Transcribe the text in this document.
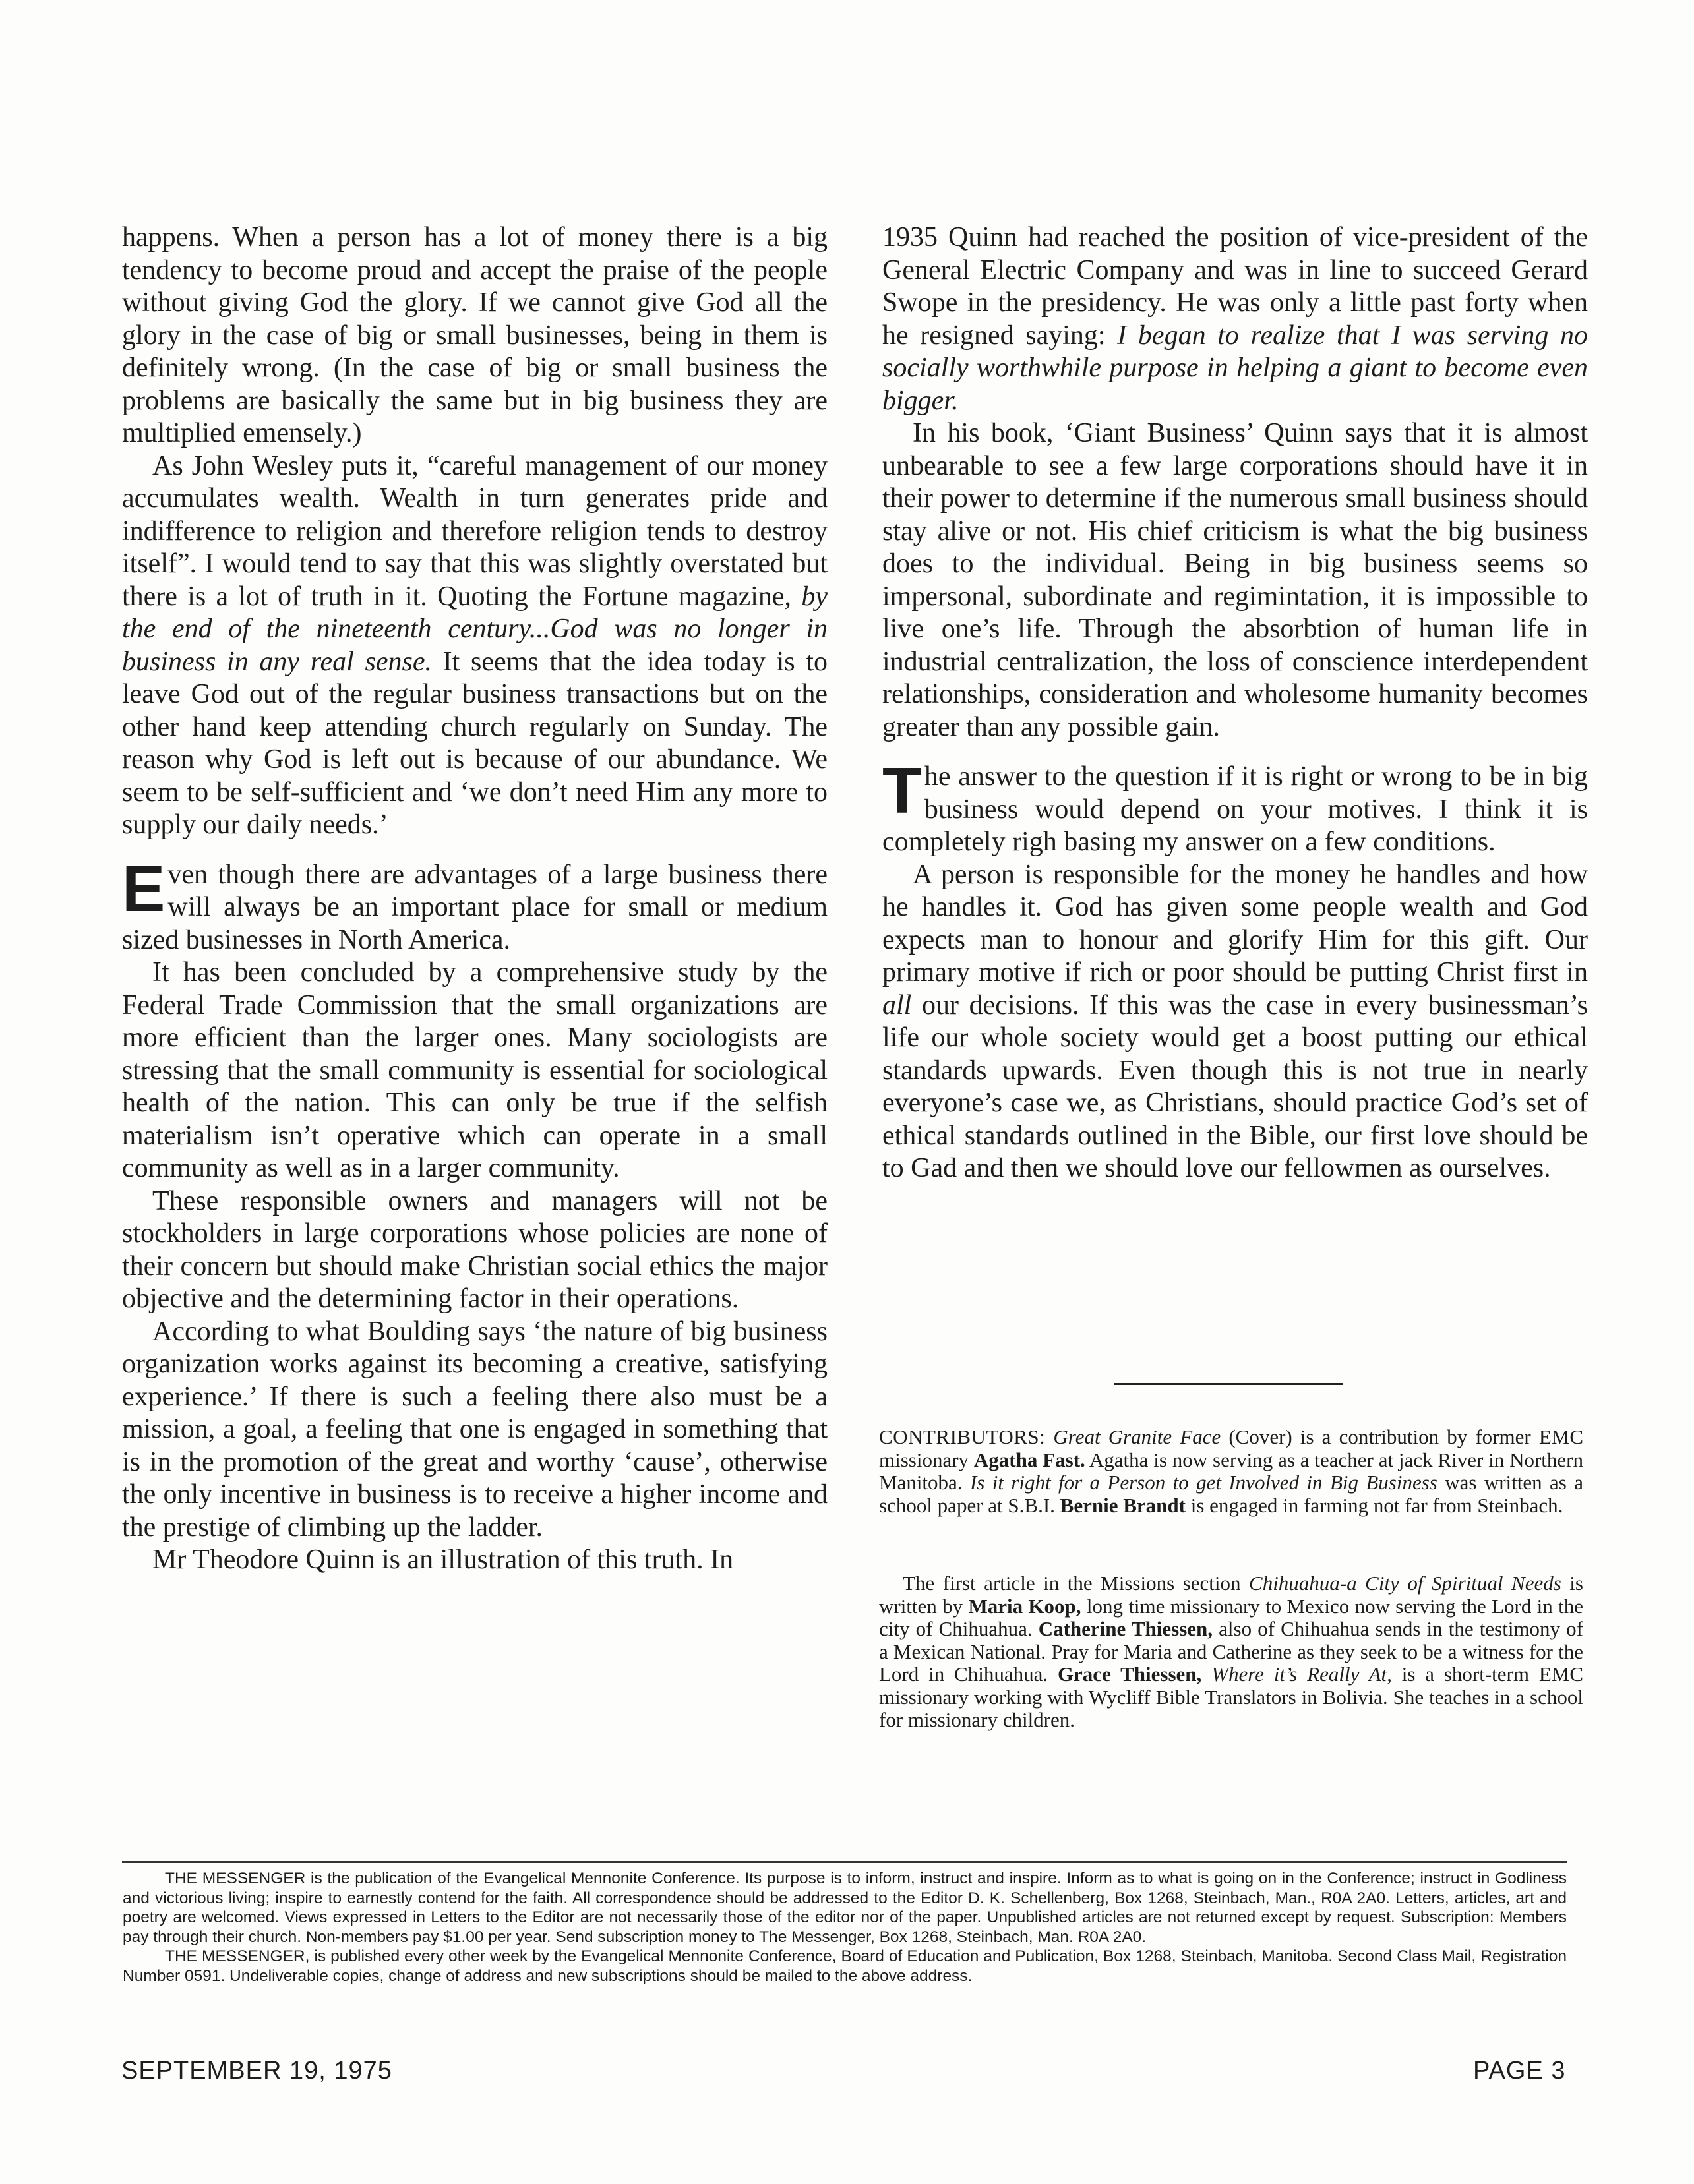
happens. When a person has a lot of money there is a big tendency to become proud and accept the praise of the people without giving God the glory. If we cannot give God all the glory in the case of big or small businesses, being in them is definitely wrong. (In the case of big or small business the problems are basically the same but in big business they are multiplied emensely.)

As John Wesley puts it, “careful management of our money accumulates wealth. Wealth in turn generates pride and indifference to religion and therefore religion tends to destroy itself”. I would tend to say that this was slightly overstated but there is a lot of truth in it. Quoting the Fortune magazine, by the end of the nineteenth century...God was no longer in business in any real sense. It seems that the idea today is to leave God out of the regular business transactions but on the other hand keep attending church regularly on Sunday. The reason why God is left out is because of our abundance. We seem to be self-sufficient and ‘we don’t need Him any more to supply our daily needs.’

Even though there are advantages of a large business there will always be an important place for small or medium sized businesses in North America.

It has been concluded by a comprehensive study by the Federal Trade Commission that the small organizations are more efficient than the larger ones. Many sociologists are stressing that the small community is essential for sociological health of the nation. This can only be true if the selfish materialism isn’t operative which can operate in a small community as well as in a larger community.

These responsible owners and managers will not be stockholders in large corporations whose policies are none of their concern but should make Christian social ethics the major objective and the determining factor in their operations.

According to what Boulding says ‘the nature of big business organization works against its becoming a creative, satisfying experience.’ If there is such a feeling there also must be a mission, a goal, a feeling that one is engaged in something that is in the promotion of the great and worthy ‘cause’, otherwise the only incentive in business is to receive a higher income and the prestige of climbing up the ladder.

Mr Theodore Quinn is an illustration of this truth. In

1935 Quinn had reached the position of vice-president of the General Electric Company and was in line to succeed Gerard Swope in the presidency. He was only a little past forty when he resigned saying: I began to realize that I was serving no socially worthwhile purpose in helping a giant to become even bigger.

In his book, ‘Giant Business’ Quinn says that it is almost unbearable to see a few large corporations should have it in their power to determine if the numerous small business should stay alive or not. His chief criticism is what the big business does to the individual. Being in big business seems so impersonal, subordinate and regimintation, it is impossible to live one’s life. Through the absorbtion of human life in industrial centralization, the loss of conscience interdependent relationships, consideration and wholesome humanity becomes greater than any possible gain.

The answer to the question if it is right or wrong to be in big business would depend on your motives. I think it is completely righ basing my answer on a few conditions.

A person is responsible for the money he handles and how he handles it. God has given some people wealth and God expects man to honour and glorify Him for this gift. Our primary motive if rich or poor should be putting Christ first in all our decisions. If this was the case in every businessman’s life our whole society would get a boost putting our ethical standards upwards. Even though this is not true in nearly everyone’s case we, as Christians, should practice God’s set of ethical standards outlined in the Bible, our first love should be to Gad and then we should love our fellowmen as ourselves.

CONTRIBUTORS: Great Granite Face (Cover) is a contribution by former EMC missionary Agatha Fast. Agatha is now serving as a teacher at jack River in Northern Manitoba. Is it right for a Person to get Involved in Big Business was written as a school paper at S.B.I. Bernie Brandt is engaged in farming not far from Steinbach.

The first article in the Missions section Chihuahua-a City of Spiritual Needs is written by Maria Koop, long time missionary to Mexico now serving the Lord in the city of Chihuahua. Catherine Thiessen, also of Chihuahua sends in the testimony of a Mexican National. Pray for Maria and Catherine as they seek to be a witness for the Lord in Chihuahua. Grace Thiessen, Where it’s Really At, is a short-term EMC missionary working with Wycliff Bible Translators in Bolivia. She teaches in a school for missionary children.

THE MESSENGER is the publication of the Evangelical Mennonite Conference. Its purpose is to inform, instruct and inspire. Inform as to what is going on in the Conference; instruct in Godliness and victorious living; inspire to earnestly contend for the faith. All correspondence should be addressed to the Editor D. K. Schellenberg, Box 1268, Steinbach, Man., R0A 2A0. Letters, articles, art and poetry are welcomed. Views expressed in Letters to the Editor are not necessarily those of the editor nor of the paper. Unpublished articles are not returned except by request. Subscription: Members pay through their church. Non-members pay $1.00 per year. Send subscription money to The Messenger, Box 1268, Steinbach, Man. R0A 2A0.

THE MESSENGER, is published every other week by the Evangelical Mennonite Conference, Board of Education and Publication, Box 1268, Steinbach, Manitoba. Second Class Mail, Registration Number 0591. Undeliverable copies, change of address and new subscriptions should be mailed to the above address.

SEPTEMBER 19, 1975	PAGE 3
